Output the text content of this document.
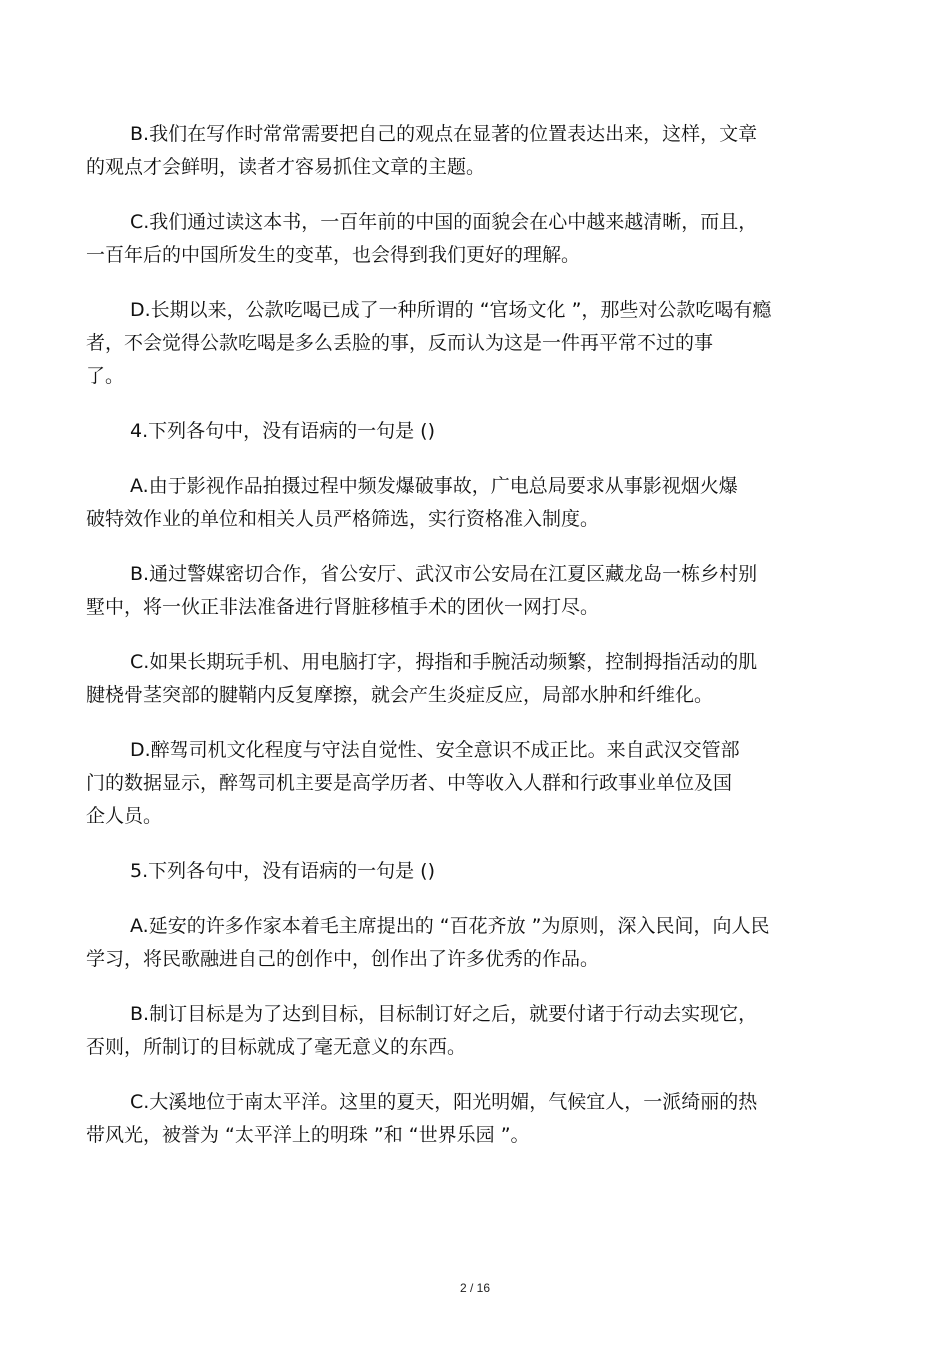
B.我们在写作时常常需要把自己的观点在显著的位置表达出来，这样，文章
的观点才会鲜明，读者才容易抓住文章的主题。
C.我们通过读这本书，一百年前的中国的面貌会在心中越来越清晰，而且，
一百年后的中国所发生的变革，也会得到我们更好的理解。
D.长期以来，公款吃喝已成了一种所谓的 “官场文化 ”，那些对公款吃喝有瘾
者，不会觉得公款吃喝是多么丢脸的事，反而认为这是一件再平常不过的事
了。
4.下列各句中，没有语病的一句是 ()
A.由于影视作品拍摄过程中频发爆破事故，广电总局要求从事影视烟火爆
破特效作业的单位和相关人员严格筛选，实行资格准入制度。
B.通过警媒密切合作，省公安厅、武汉市公安局在江夏区藏龙岛一栋乡村别
墅中，将一伙正非法准备进行肾脏移植手术的团伙一网打尽。
C.如果长期玩手机、用电脑打字，拇指和手腕活动频繁，控制拇指活动的肌
腱桡骨茎突部的腱鞘内反复摩擦，就会产生炎症反应，局部水肿和纤维化。
D.醉驾司机文化程度与守法自觉性、安全意识不成正比。来自武汉交管部
门的数据显示，醉驾司机主要是高学历者、中等收入人群和行政事业单位及国
企人员。
5.下列各句中，没有语病的一句是 ()
A.延安的许多作家本着毛主席提出的 “百花齐放 ”为原则，深入民间，向人民
学习，将民歌融进自己的创作中，创作出了许多优秀的作品。
B.制订目标是为了达到目标，目标制订好之后，就要付诸于行动去实现它，
否则，所制订的目标就成了毫无意义的东西。
C.大溪地位于南太平洋。这里的夏天，阳光明媚，气候宜人，一派绮丽的热
带风光，被誉为 “太平洋上的明珠 ”和 “世界乐园 ”。
2 / 16
